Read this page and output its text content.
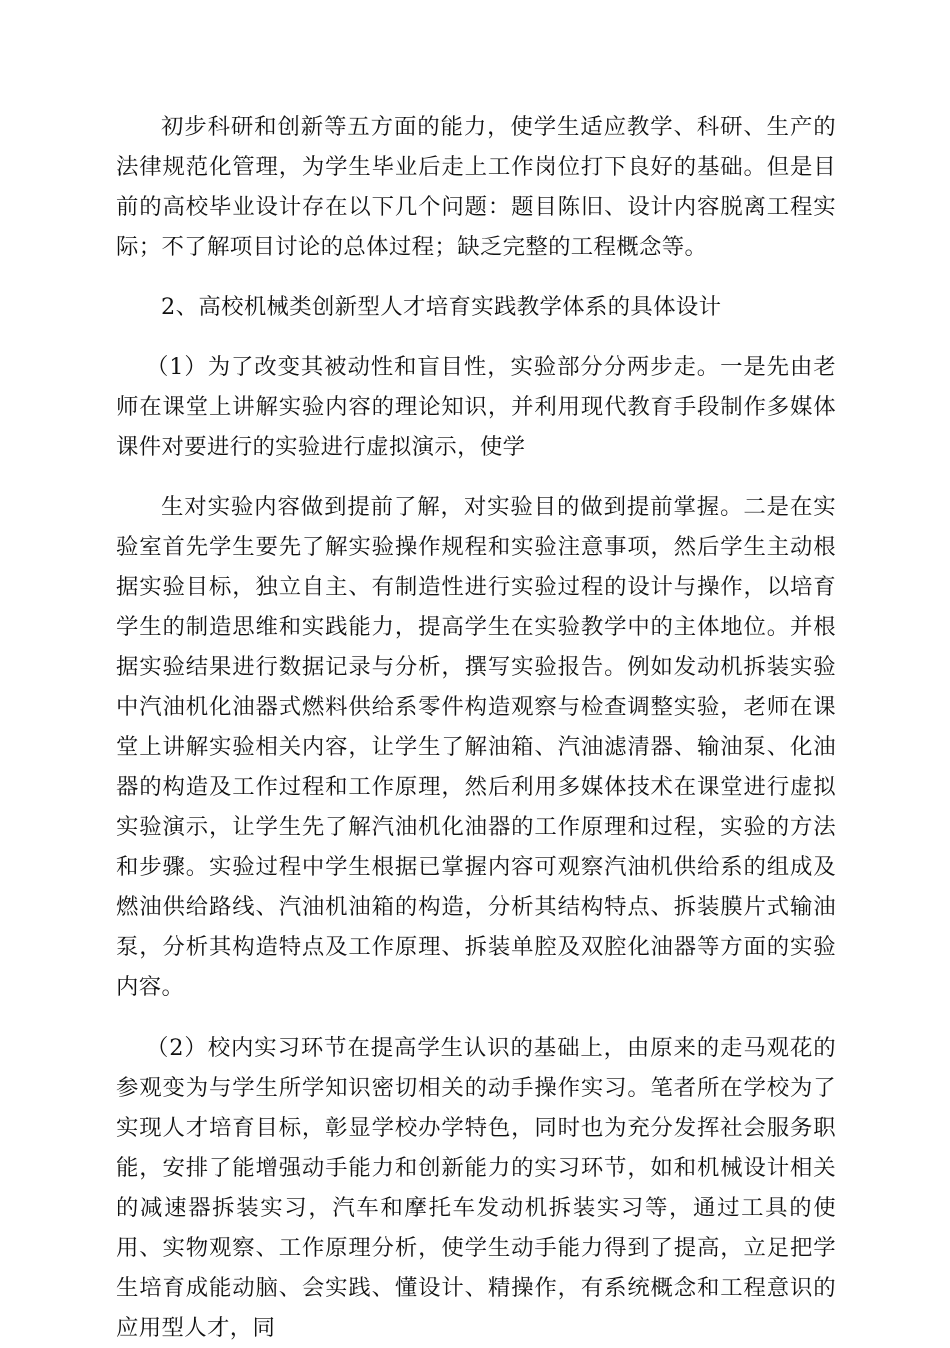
初步科研和创新等五方面的能力，使学生适应教学、科研、生产的法律规范化管理，为学生毕业后走上工作岗位打下良好的基础。但是目前的高校毕业设计存在以下几个问题：题目陈旧、设计内容脱离工程实际；不了解项目讨论的总体过程；缺乏完整的工程概念等。

2、高校机械类创新型人才培育实践教学体系的具体设计

（1）为了改变其被动性和盲目性，实验部分分两步走。一是先由老师在课堂上讲解实验内容的理论知识，并利用现代教育手段制作多媒体课件对要进行的实验进行虚拟演示，使学

生对实验内容做到提前了解，对实验目的做到提前掌握。二是在实验室首先学生要先了解实验操作规程和实验注意事项，然后学生主动根据实验目标，独立自主、有制造性进行实验过程的设计与操作，以培育学生的制造思维和实践能力，提高学生在实验教学中的主体地位。并根据实验结果进行数据记录与分析，撰写实验报告。例如发动机拆装实验中汽油机化油器式燃料供给系零件构造观察与检查调整实验，老师在课堂上讲解实验相关内容，让学生了解油箱、汽油滤清器、输油泵、化油器的构造及工作过程和工作原理，然后利用多媒体技术在课堂进行虚拟实验演示，让学生先了解汽油机化油器的工作原理和过程，实验的方法和步骤。实验过程中学生根据已掌握内容可观察汽油机供给系的组成及燃油供给路线、汽油机油箱的构造，分析其结构特点、拆装膜片式输油泵，分析其构造特点及工作原理、拆装单腔及双腔化油器等方面的实验内容。

（2）校内实习环节在提高学生认识的基础上，由原来的走马观花的参观变为与学生所学知识密切相关的动手操作实习。笔者所在学校为了实现人才培育目标，彰显学校办学特色，同时也为充分发挥社会服务职能，安排了能增强动手能力和创新能力的实习环节，如和机械设计相关的减速器拆装实习，汽车和摩托车发动机拆装实习等，通过工具的使用、实物观察、工作原理分析，使学生动手能力得到了提高，立足把学生培育成能动脑、会实践、懂设计、精操作，有系统概念和工程意识的应用型人才，同
